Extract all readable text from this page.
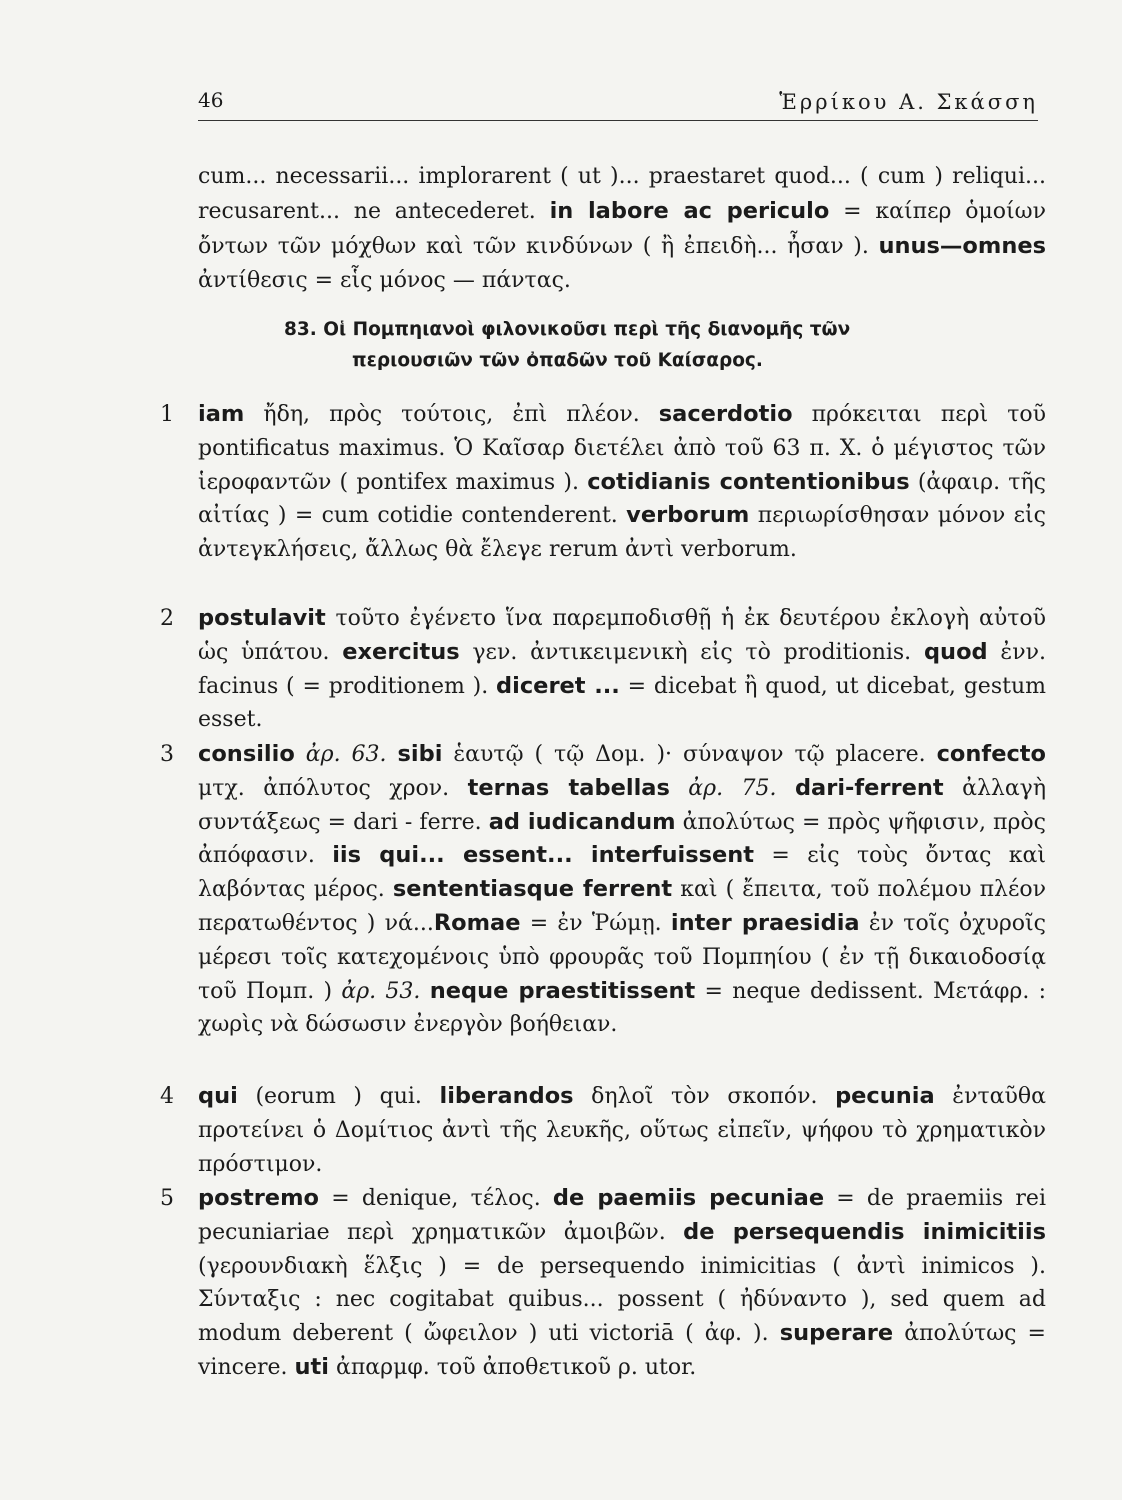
46	Ἑρρίκου Α. Σκάσση
cum... necessarii... implorarent ( ut )... praestaret quod... ( cum ) reliqui... recusarent... ne antecederet. in labore ac periculo = καίπερ ὁμοίων ὄντων τῶν μόχθων καὶ τῶν κινδύνων ( ἢ ἐπειδὴ... ἦσαν ). unus—omnes ἀντίθεσις = εἷς μόνος — πάντας.
83. Οἱ Πομπηιανοὶ φιλονικοῦσι περὶ τῆς διανομῆς τῶν
περιουσιῶν τῶν ὀπαδῶν τοῦ Καίσαρος.
1 iam ἤδη, πρὸς τούτοις, ἐπὶ πλέον. sacerdotio πρόκειται περὶ τοῦ pontificatus maximus. Ὁ Καῖσαρ διετέλει ἀπὸ τοῦ 63 π. Χ. ὁ μέγιστος τῶν ἱεροφαντῶν ( pontifex maximus ). cotidianis contentionibus (ἀφαιρ. τῆς αἰτίας ) = cum cotidie contenderent. verborum περιωρίσθησαν μόνον εἰς ἀντεγκλήσεις, ἄλλως θὰ ἔλεγε rerum ἀντὶ verborum.
2 postulavit τοῦτο ἐγένετο ἵνα παρεμποδισθῇ ἡ ἐκ δευτέρου ἐκλογὴ αὐτοῦ ὡς ὑπάτου. exercitus γεν. ἀντικειμενικὴ εἰς τὸ proditionis. quod ἐνν. facinus ( = proditionem ). diceret ... = dicebat ἢ quod, ut dicebat, gestum esset.
3 consilio ἀρ. 63. sibi ἑαυτῷ ( τῷ Δομ. )· σύναψον τῷ placere. confecto μτχ. ἀπόλυτος χρον. ternas tabellas ἀρ. 75. dari-ferrent ἀλλαγὴ συντάξεως = dari - ferre. ad iudicandum ἀπολύτως = πρὸς ψῆφισιν, πρὸς ἀπόφασιν. iis qui... essent... interfuissent = εἰς τοὺς ὄντας καὶ λαβόντας μέρος. sententiasque ferrent καὶ ( ἔπειτα, τοῦ πολέμου πλέον περατωθέντος ) νά...Romae = ἐν Ῥώμῃ. inter praesidia ἐν τοῖς ὀχυροῖς μέρεσι τοῖς κατεχομένοις ὑπὸ φρουρᾶς τοῦ Πομπηίου ( ἐν τῇ δικαιοδοσίᾳ τοῦ Πομπ. ) ἀρ. 53. neque praestitissent = neque dedissent. Μετάφρ. : χωρὶς νὰ δώσωσιν ἐνεργὸν βοήθειαν.
4 qui (eorum ) qui. liberandos δηλοῖ τὸν σκοπόν. pecunia ἐνταῦθα προτείνει ὁ Δομίτιος ἀντὶ τῆς λευκῆς, οὕτως εἰπεῖν, ψήφου τὸ χρηματικὸν πρόστιμον.
5 postremo = denique, τέλος. de paemiis pecuniae = de praemiis rei pecuniariae περὶ χρηματικῶν ἀμοιβῶν. de persequendis inimicitiis (γερουνδιακὴ ἕλξις ) = de persequendo inimicitias ( ἀντὶ inimicos ). Σύνταξις : nec cogitabat quibus... possent ( ἠδύναντο ), sed quem ad modum deberent ( ὤφειλον ) uti victoriā ( ἀφ. ). superare ἀπολύτως = vincere. uti ἀπαρμφ. τοῦ ἀποθετικοῦ ρ. utor.
